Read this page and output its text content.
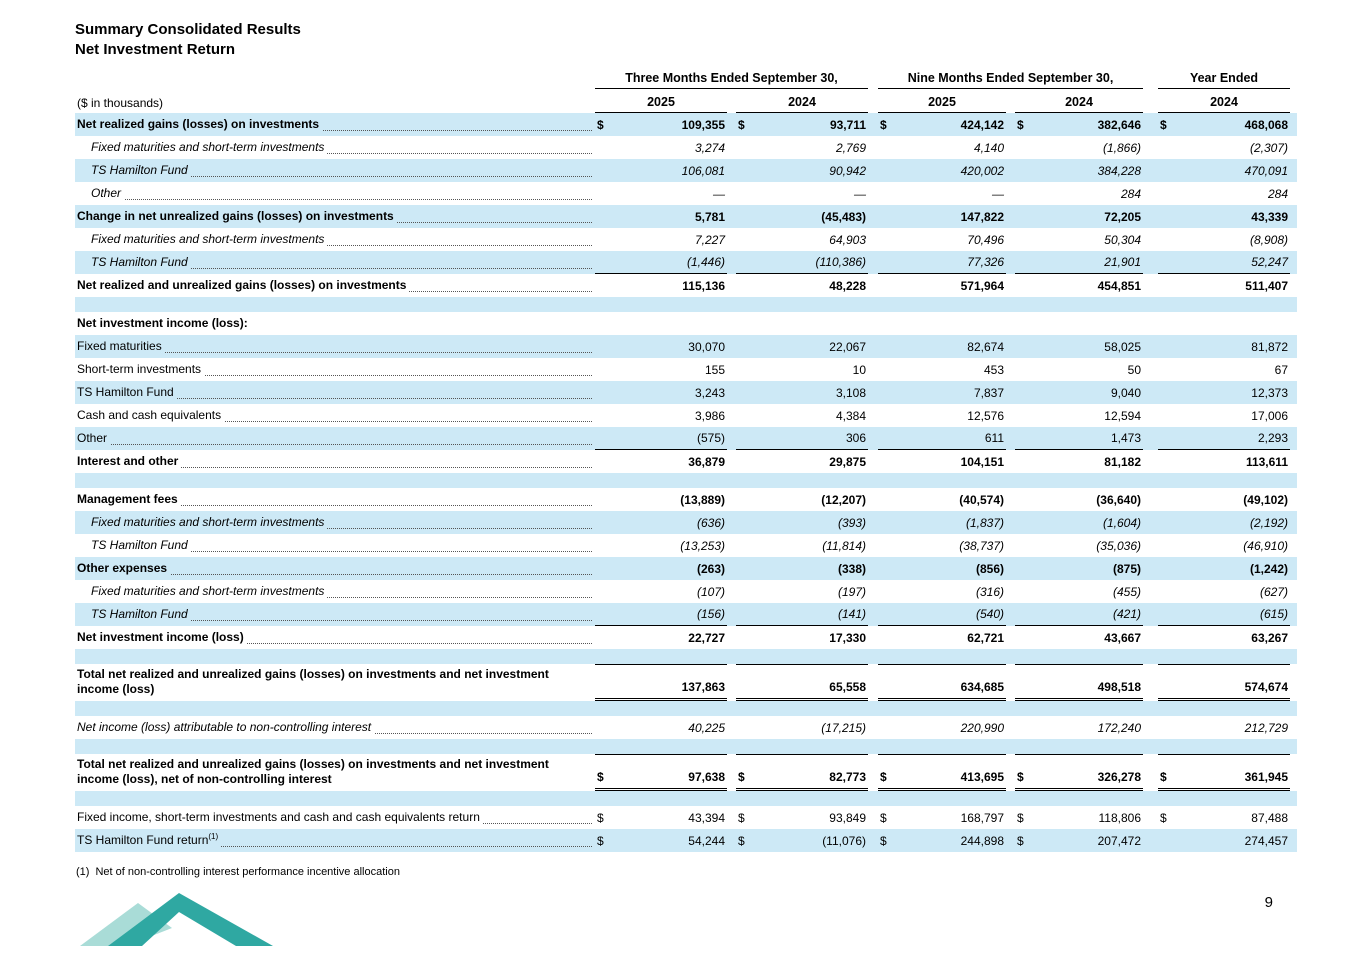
Summary Consolidated Results
Net Investment Return
Three Months Ended September 30,	Nine Months Ended September 30,	Year Ended
($ in thousands)	2025	2024	2025	2024	2024
Net realized gains (losses) on investments	$	109,355 $	93,711 $	424,142 $	382,646 $	468,068
Fixed maturities and short-term investments	3,274	2,769	4,140	(1,866)	(2,307)
TS Hamilton Fund	106,081	90,942	420,002	384,228	470,091
Other	—	—	—	284	284
Change in net unrealized gains (losses) on investments	5,781	(45,483)	147,822	72,205	43,339
Fixed maturities and short-term investments	7,227	64,903	70,496	50,304	(8,908)
TS Hamilton Fund	(1,446)	(110,386)	77,326	21,901	52,247
Net realized and unrealized gains (losses) on investments	115,136	48,228	571,964	454,851	511,407
Net investment income (loss):
Fixed maturities	30,070	22,067	82,674	58,025	81,872
Short-term investments	155	10	453	50	67
TS Hamilton Fund	3,243	3,108	7,837	9,040	12,373
Cash and cash equivalents	3,986	4,384	12,576	12,594	17,006
Other	(575)	306	611	1,473	2,293
Interest and other	36,879	29,875	104,151	81,182	113,611
Management fees	(13,889)	(12,207)	(40,574)	(36,640)	(49,102)
Fixed maturities and short-term investments	(636)	(393)	(1,837)	(1,604)	(2,192)
TS Hamilton Fund	(13,253)	(11,814)	(38,737)	(35,036)	(46,910)
Other expenses	(263)	(338)	(856)	(875)	(1,242)
Fixed maturities and short-term investments	(107)	(197)	(316)	(455)	(627)
TS Hamilton Fund	(156)	(141)	(540)	(421)	(615)
Net investment income (loss)	22,727	17,330	62,721	43,667	63,267
Total net realized and unrealized gains (losses) on investments and net investment income (loss)	137,863	65,558	634,685	498,518	574,674
Net income (loss) attributable to non-controlling interest	40,225	(17,215)	220,990	172,240	212,729
Total net realized and unrealized gains (losses) on investments and net investment income (loss), net of non-controlling interest	$	97,638 $	82,773 $	413,695 $	326,278 $	361,945
Fixed income, short-term investments and cash and cash equivalents return	$	43,394 $	93,849 $	168,797 $	118,806 $	87,488
TS Hamilton Fund return$^{(1)}$	$	54,244 $	(11,076) $	244,898 $	207,472	274,457
(1) Net of non-controlling interest performance incentive allocation
9
